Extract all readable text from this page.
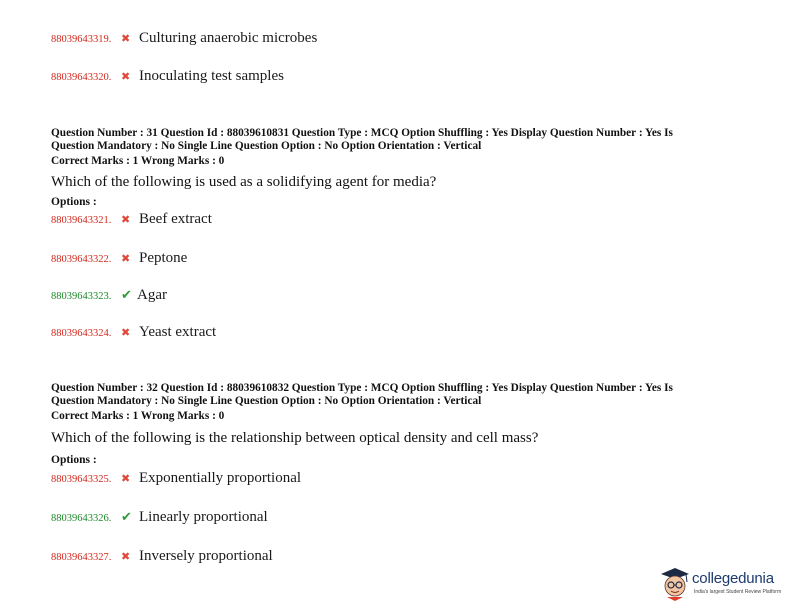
88039643319. ✖ Culturing anaerobic microbes
88039643320. ✖ Inoculating test samples
Question Number : 31 Question Id : 88039610831 Question Type : MCQ Option Shuffling : Yes Display Question Number : Yes Is
Question Mandatory : No Single Line Question Option : No Option Orientation : Vertical
Correct Marks : 1 Wrong Marks : 0
Which of the following is used as a solidifying agent for media?
Options :
88039643321. ✖ Beef extract
88039643322. ✖ Peptone
88039643323. ✔ Agar
88039643324. ✖ Yeast extract
Question Number : 32 Question Id : 88039610832 Question Type : MCQ Option Shuffling : Yes Display Question Number : Yes Is
Question Mandatory : No Single Line Question Option : No Option Orientation : Vertical
Correct Marks : 1 Wrong Marks : 0
Which of the following is the relationship between optical density and cell mass?
Options :
88039643325. ✖ Exponentially proportional
88039643326. ✔ Linearly proportional
88039643327. ✖ Inversely proportional
collegedunia
India's largest Student Review Platform
